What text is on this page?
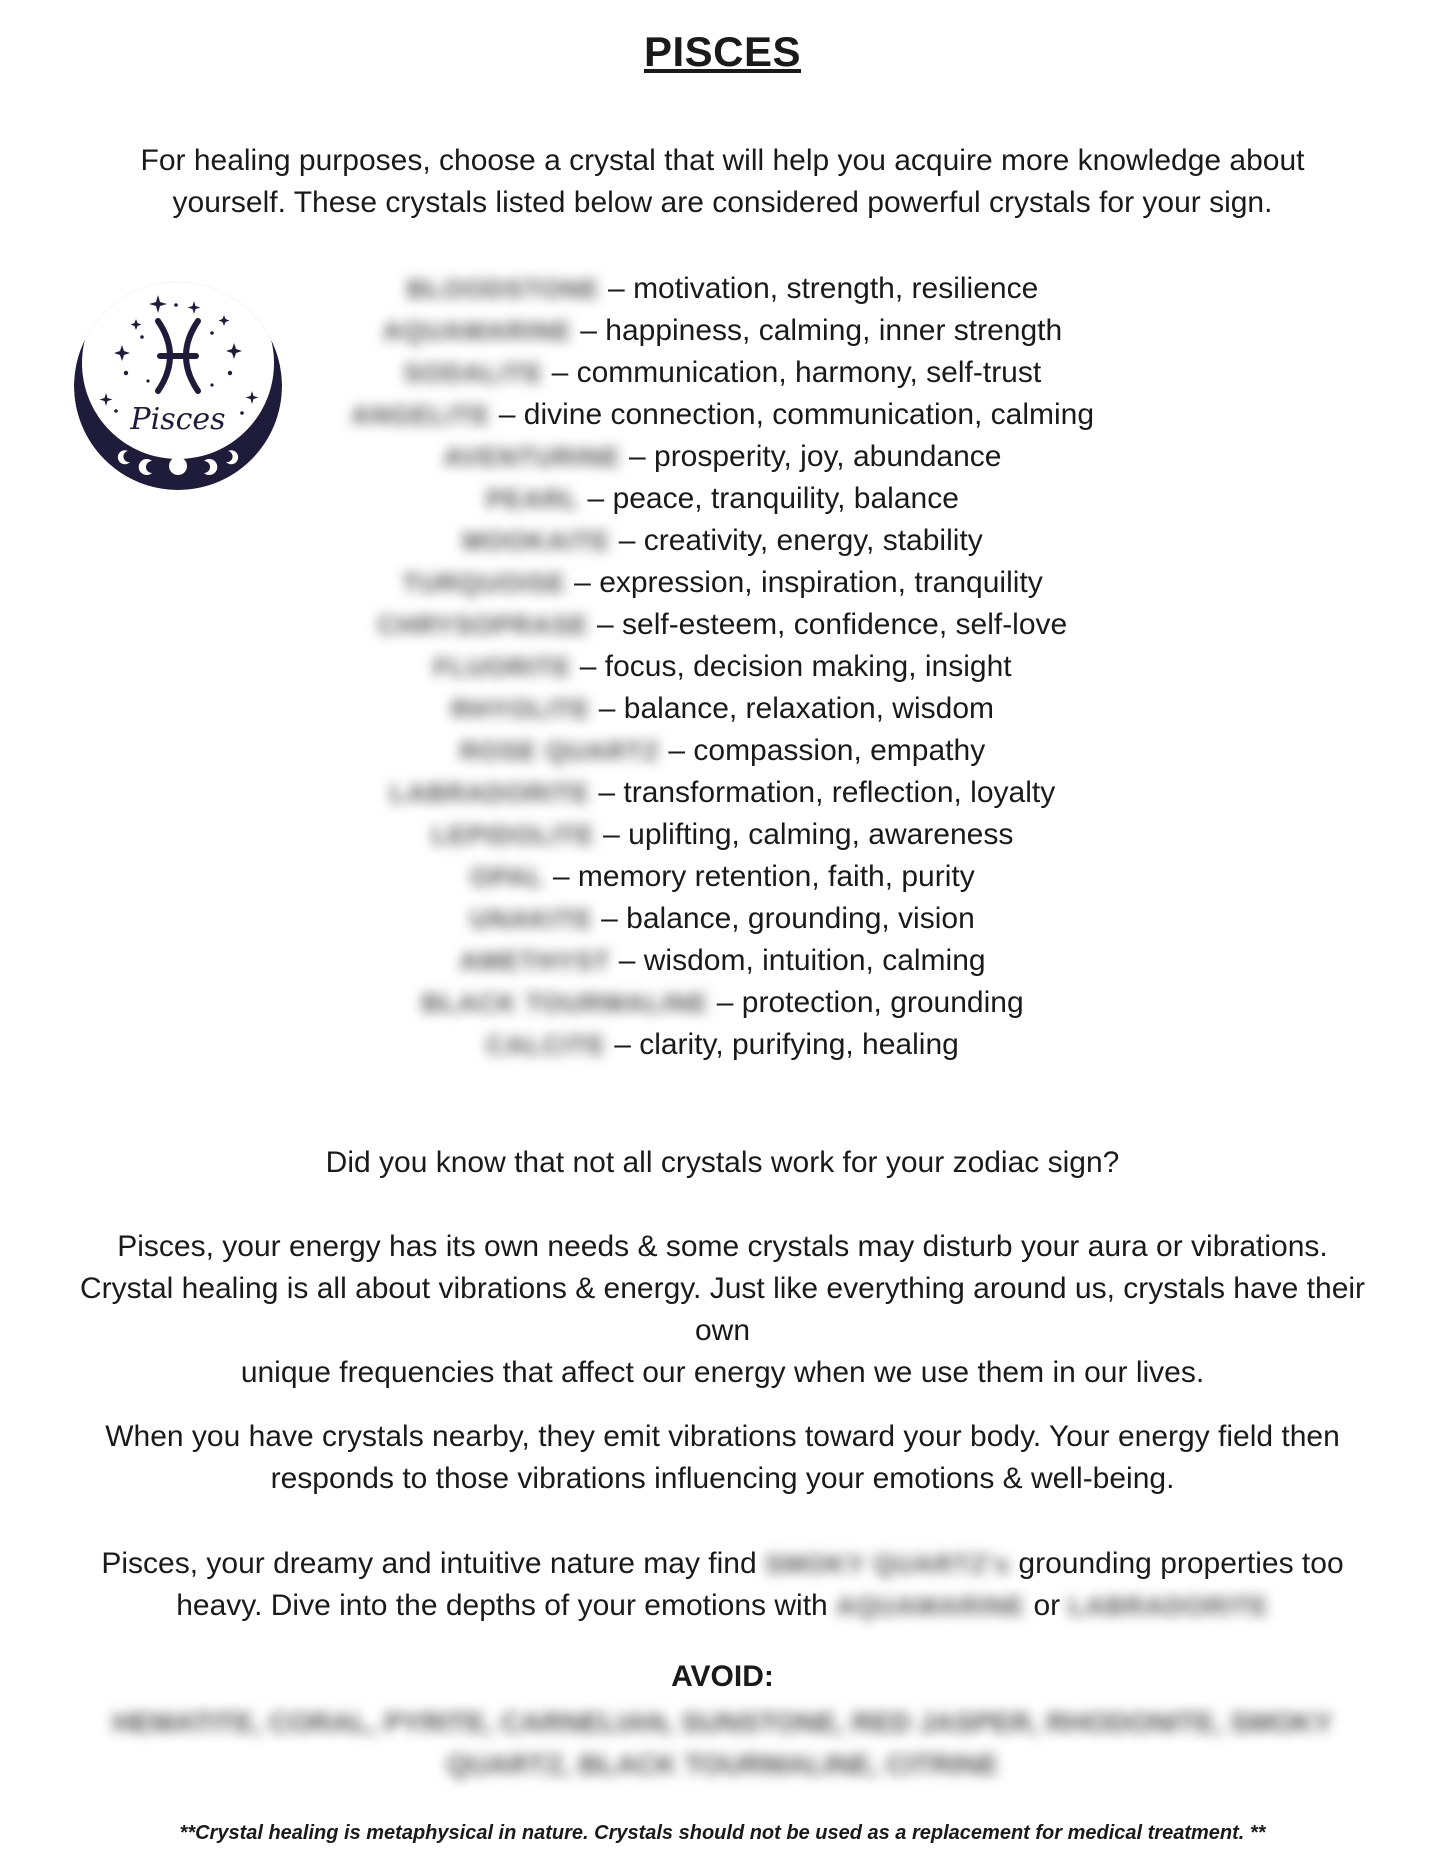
PISCES
For healing purposes, choose a crystal that will help you acquire more knowledge about yourself. These crystals listed below are considered powerful crystals for your sign.
Pisces
BLOODSTONE – motivation, strength, resilience
AQUAMARINE – happiness, calming, inner strength
SODALITE – communication, harmony, self-trust
ANGELITE – divine connection, communication, calming
AVENTURINE – prosperity, joy, abundance
PEARL – peace, tranquility, balance
MOOKAITE – creativity, energy, stability
TURQUOISE – expression, inspiration, tranquility
CHRYSOPRASE – self-esteem, confidence, self-love
FLUORITE – focus, decision making, insight
RHYOLITE – balance, relaxation, wisdom
ROSE QUARTZ – compassion, empathy
LABRADORITE – transformation, reflection, loyalty
LEPIDOLITE – uplifting, calming, awareness
OPAL – memory retention, faith, purity
UNAKITE – balance, grounding, vision
AMETHYST – wisdom, intuition, calming
BLACK TOURMALINE – protection, grounding
CALCITE – clarity, purifying, healing

Did you know that not all crystals work for your zodiac sign?

Pisces, your energy has its own needs & some crystals may disturb your aura or vibrations.
Crystal healing is all about vibrations & energy. Just like everything around us, crystals have their own
unique frequencies that affect our energy when we use them in our lives.

When you have crystals nearby, they emit vibrations toward your body. Your energy field then responds to those vibrations influencing your emotions & well-being.

Pisces, your dreamy and intuitive nature may find SMOKY QUARTZ's grounding properties too heavy. Dive into the depths of your emotions with AQUAMARINE or LABRADORITE

AVOID:
HEMATITE, CORAL, PYRITE, CARNELIAN, SUNSTONE, RED JASPER, RHODONITE, SMOKY QUARTZ, BLACK TOURMALINE, CITRINE
**Crystal healing is metaphysical in nature. Crystals should not be used as a replacement for medical treatment. **
